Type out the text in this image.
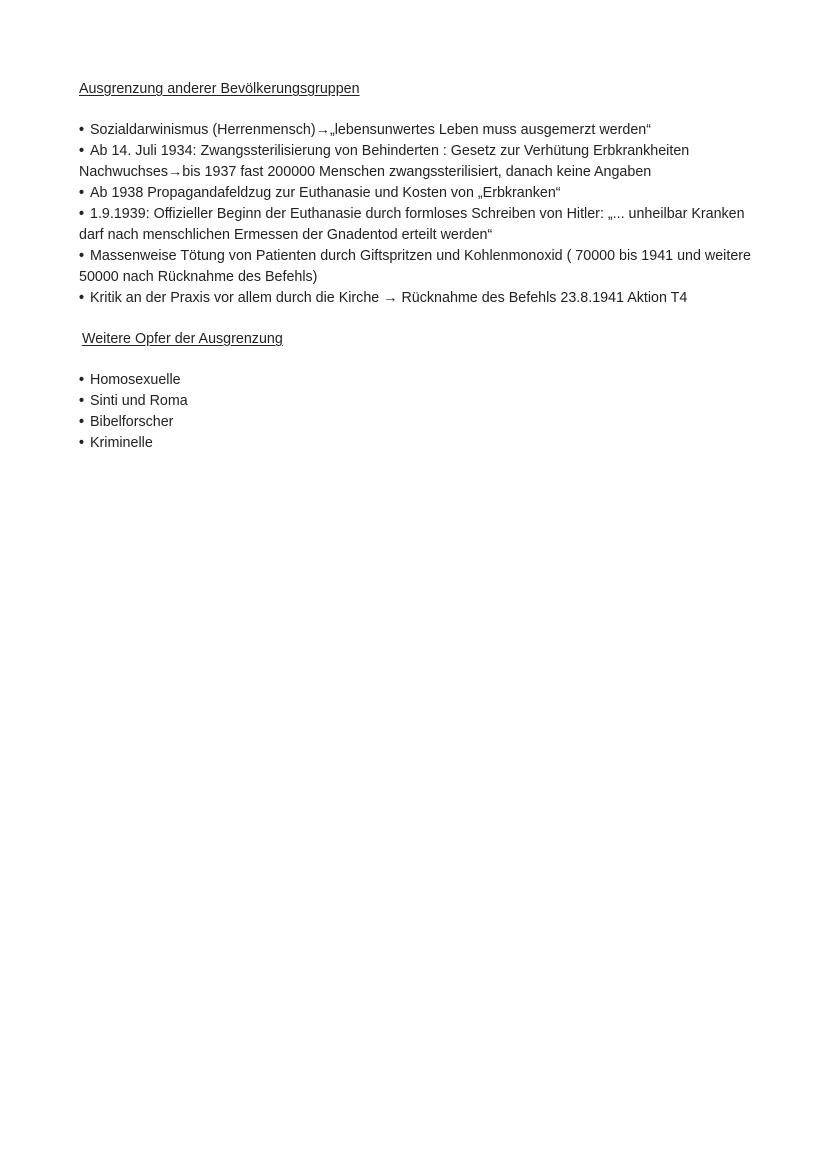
Ausgrenzung anderer Bevölkerungsgruppen
• Sozialdarwinismus (Herrenmensch)→„lebensunwertes Leben muss ausgemerzt werden“
• Ab 14. Juli 1934: Zwangssterilisierung von Behinderten : Gesetz zur Verhütung Erbkrankheiten Nachwuchses→bis 1937 fast 200000 Menschen zwangssterilisiert, danach keine Angaben
• Ab 1938 Propagandafeldzug zur Euthanasie und Kosten von „Erbkranken“
• 1.9.1939: Offizieller Beginn der Euthanasie durch formloses Schreiben von Hitler: „... unheilbar Kranken darf nach menschlichen Ermessen der Gnadentod erteilt werden“
• Massenweise Tötung von Patienten durch Giftspritzen und Kohlenmonoxid ( 70000 bis 1941 und weitere 50000 nach Rücknahme des Befehls)
• Kritik an der Praxis vor allem durch die Kirche → Rücknahme des Befehls 23.8.1941 Aktion T4
Weitere Opfer der Ausgrenzung
• Homosexuelle
• Sinti und Roma
• Bibelforscher
• Kriminelle
